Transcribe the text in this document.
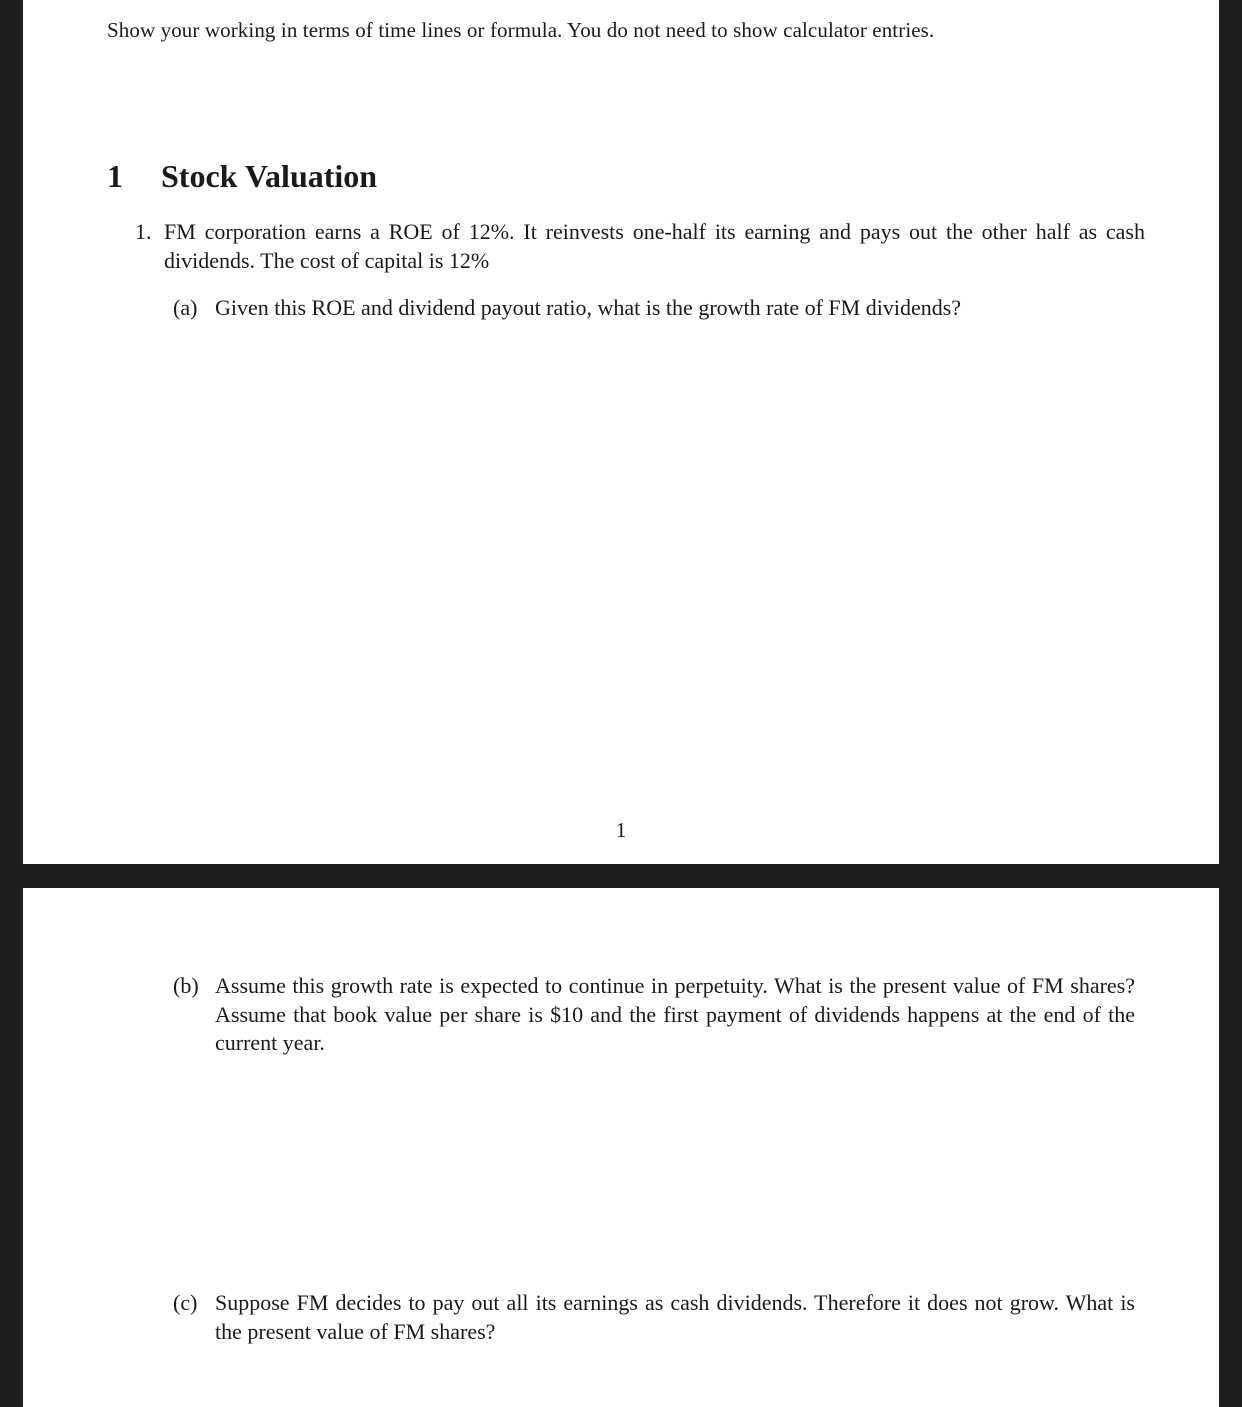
Show your working in terms of time lines or formula. You do not need to show calculator entries.
1 Stock Valuation
1. FM corporation earns a ROE of 12%. It reinvests one-half its earning and pays out the other half as cash dividends. The cost of capital is 12%
(a) Given this ROE and dividend payout ratio, what is the growth rate of FM dividends?
1
(b) Assume this growth rate is expected to continue in perpetuity. What is the present value of FM shares? Assume that book value per share is $10 and the first payment of dividends happens at the end of the current year.
(c) Suppose FM decides to pay out all its earnings as cash dividends. Therefore it does not grow. What is the present value of FM shares?
